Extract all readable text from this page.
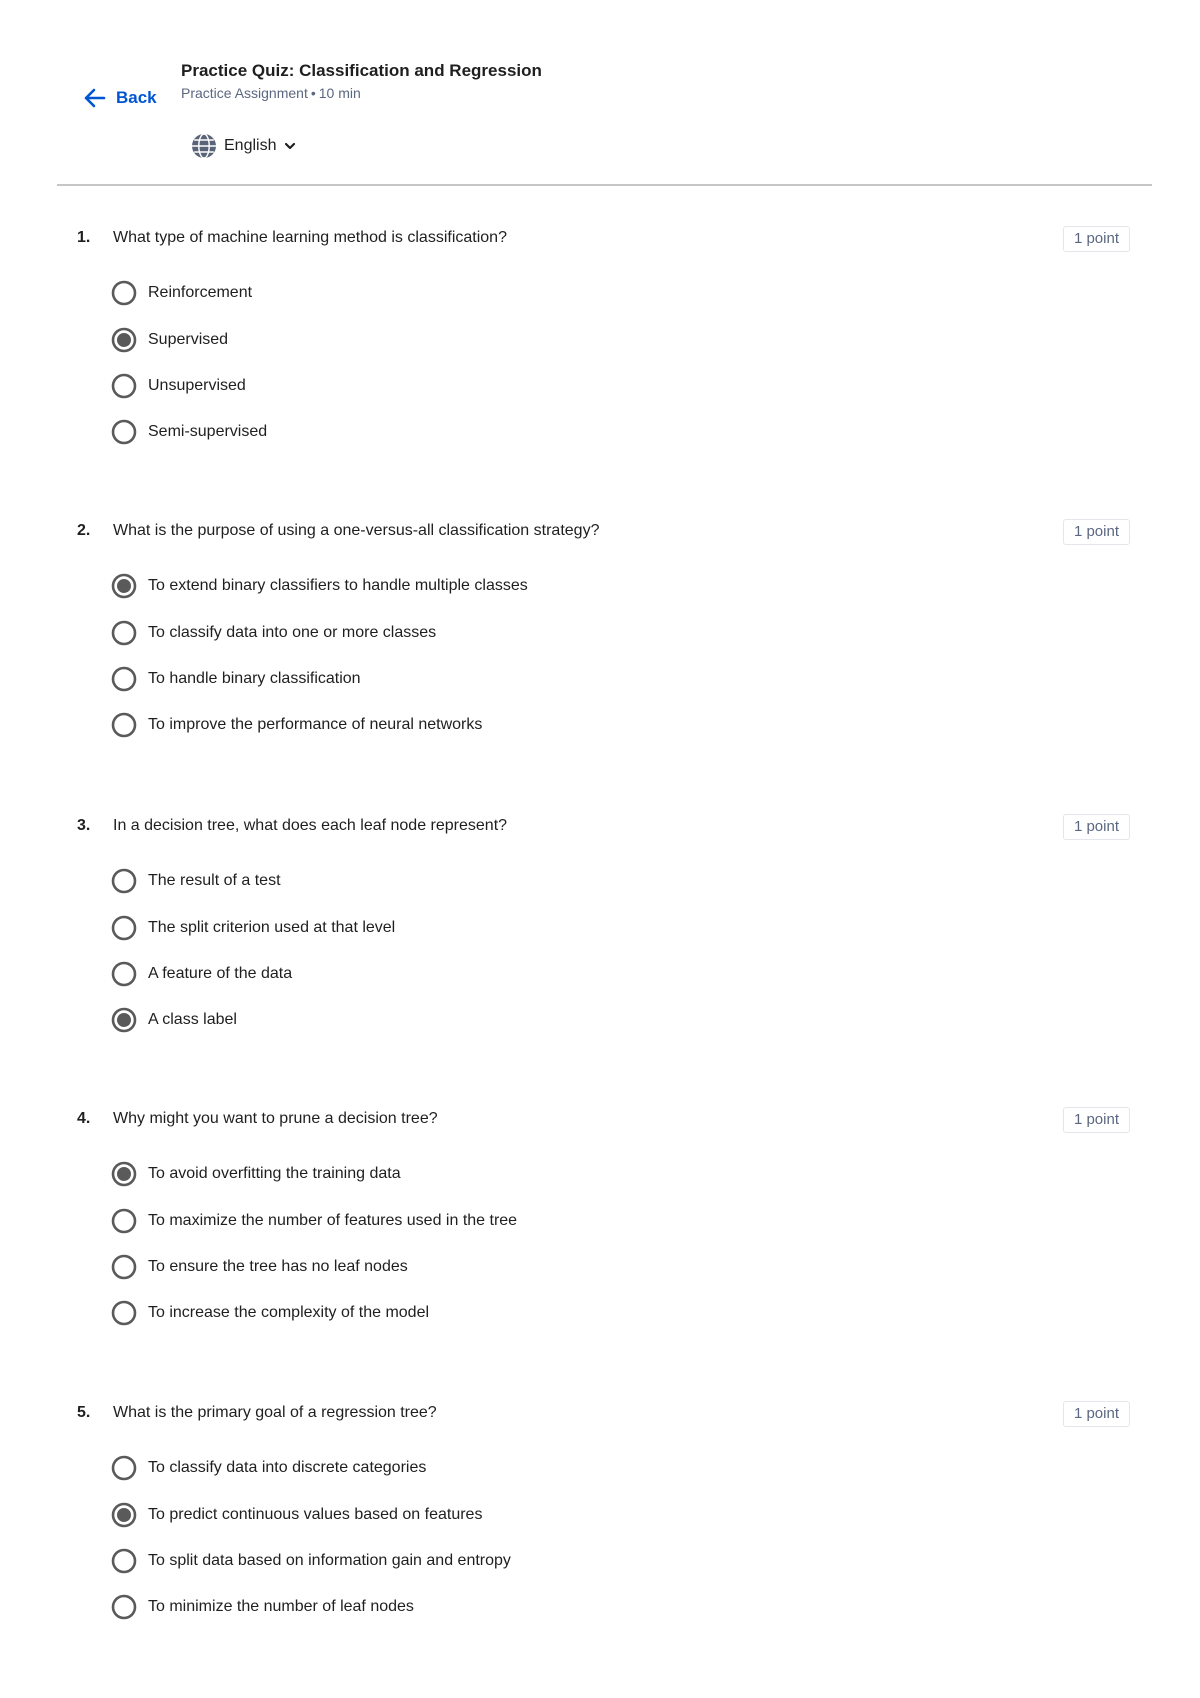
Back
Practice Quiz: Classification and Regression
Practice Assignment • 10 min
English
1. What type of machine learning method is classification?	1 point
Reinforcement
Supervised
Unsupervised
Semi-supervised
2. What is the purpose of using a one-versus-all classification strategy?	1 point
To extend binary classifiers to handle multiple classes
To classify data into one or more classes
To handle binary classification
To improve the performance of neural networks
3. In a decision tree, what does each leaf node represent?	1 point
The result of a test
The split criterion used at that level
A feature of the data
A class label
4. Why might you want to prune a decision tree?	1 point
To avoid overfitting the training data
To maximize the number of features used in the tree
To ensure the tree has no leaf nodes
To increase the complexity of the model
5. What is the primary goal of a regression tree?	1 point
To classify data into discrete categories
To predict continuous values based on features
To split data based on information gain and entropy
To minimize the number of leaf nodes
